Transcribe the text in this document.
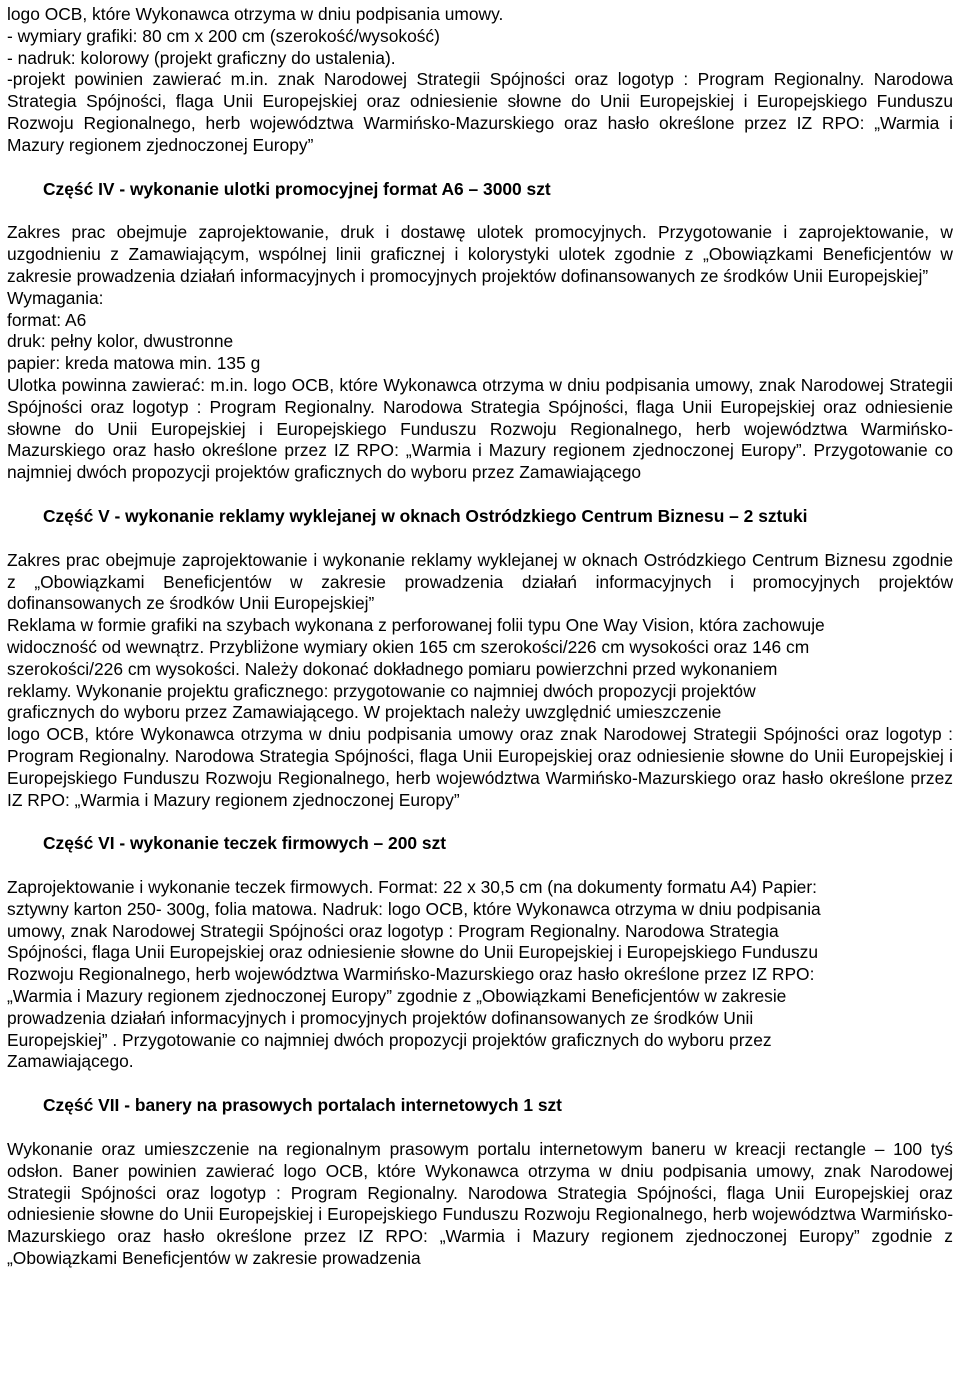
logo OCB, które Wykonawca otrzyma w dniu podpisania umowy.

- wymiary grafiki: 80 cm x 200 cm (szerokość/wysokość)

- nadruk: kolorowy (projekt graficzny do ustalenia).

-projekt powinien zawierać m.in. znak Narodowej Strategii Spójności oraz logotyp : Program Regionalny. Narodowa Strategia Spójności, flaga Unii Europejskiej oraz odniesienie słowne do Unii Europejskiej i Europejskiego Funduszu Rozwoju Regionalnego, herb województwa Warmińsko-Mazurskiego oraz hasło określone przez IZ RPO: „Warmia i Mazury regionem zjednoczonej Europy”

Część IV - wykonanie ulotki promocyjnej format A6 – 3000 szt

Zakres prac obejmuje zaprojektowanie, druk i dostawę ulotek promocyjnych. Przygotowanie i zaprojektowanie, w uzgodnieniu z Zamawiającym, wspólnej linii graficznej i kolorystyki ulotek zgodnie z „Obowiązkami Beneficjentów w zakresie prowadzenia działań informacyjnych i promocyjnych projektów dofinansowanych ze środków Unii Europejskiej”

Wymagania:

format: A6

druk: pełny kolor, dwustronne

papier: kreda matowa min. 135 g

Ulotka powinna zawierać: m.in. logo OCB, które Wykonawca otrzyma w dniu podpisania umowy, znak Narodowej Strategii Spójności oraz logotyp : Program Regionalny. Narodowa Strategia Spójności, flaga Unii Europejskiej oraz odniesienie słowne do Unii Europejskiej i Europejskiego Funduszu Rozwoju Regionalnego, herb województwa Warmińsko-Mazurskiego oraz hasło określone przez IZ RPO: „Warmia i Mazury regionem zjednoczonej Europy”. Przygotowanie co najmniej dwóch propozycji projektów graficznych do wyboru przez Zamawiającego

Część V - wykonanie reklamy wyklejanej w oknach Ostródzkiego Centrum Biznesu – 2 sztuki

Zakres prac obejmuje zaprojektowanie i wykonanie reklamy wyklejanej w oknach Ostródzkiego Centrum Biznesu zgodnie z „Obowiązkami Beneficjentów w zakresie prowadzenia działań informacyjnych i promocyjnych projektów dofinansowanych ze środków Unii Europejskiej”

Reklama w formie grafiki na szybach wykonana z perforowanej folii typu One Way Vision, która zachowuje

widoczność od wewnątrz. Przybliżone wymiary okien 165 cm szerokości/226 cm wysokości oraz 146 cm

szerokości/226 cm wysokości. Należy dokonać dokładnego pomiaru powierzchni przed wykonaniem

reklamy. Wykonanie projektu graficznego: przygotowanie co najmniej dwóch propozycji projektów

graficznych do wyboru przez Zamawiającego. W projektach należy uwzględnić umieszczenie

logo OCB, które Wykonawca otrzyma w dniu podpisania umowy oraz znak Narodowej Strategii Spójności oraz logotyp : Program Regionalny. Narodowa Strategia Spójności, flaga Unii Europejskiej oraz odniesienie słowne do Unii Europejskiej i Europejskiego Funduszu Rozwoju Regionalnego, herb województwa Warmińsko-Mazurskiego oraz hasło określone przez IZ RPO: „Warmia i Mazury regionem zjednoczonej Europy”

Część VI - wykonanie teczek firmowych – 200 szt

Zaprojektowanie i wykonanie teczek firmowych. Format: 22 x 30,5 cm (na dokumenty formatu A4) Papier:

sztywny karton 250- 300g, folia matowa. Nadruk: logo OCB, które Wykonawca otrzyma w dniu podpisania

umowy, znak Narodowej Strategii Spójności oraz logotyp : Program Regionalny. Narodowa Strategia

Spójności, flaga Unii Europejskiej oraz odniesienie słowne do Unii Europejskiej i Europejskiego Funduszu

Rozwoju Regionalnego, herb województwa Warmińsko-Mazurskiego oraz hasło określone przez IZ RPO:

„Warmia i Mazury regionem zjednoczonej Europy” zgodnie z „Obowiązkami Beneficjentów w zakresie

prowadzenia działań informacyjnych i promocyjnych projektów dofinansowanych ze środków Unii

Europejskiej” . Przygotowanie co najmniej dwóch propozycji projektów graficznych do wyboru przez

Zamawiającego.

Część VII - banery na prasowych portalach internetowych 1 szt

Wykonanie oraz umieszczenie na regionalnym prasowym portalu internetowym baneru w kreacji rectangle – 100 tyś odsłon. Baner powinien zawierać logo OCB, które Wykonawca otrzyma w dniu podpisania umowy, znak Narodowej Strategii Spójności oraz logotyp : Program Regionalny. Narodowa Strategia Spójności, flaga Unii Europejskiej oraz odniesienie słowne do Unii Europejskiej i Europejskiego Funduszu Rozwoju Regionalnego, herb województwa Warmińsko-Mazurskiego oraz hasło określone przez IZ RPO: „Warmia i Mazury regionem zjednoczonej Europy” zgodnie z „Obowiązkami Beneficjentów w zakresie prowadzenia
